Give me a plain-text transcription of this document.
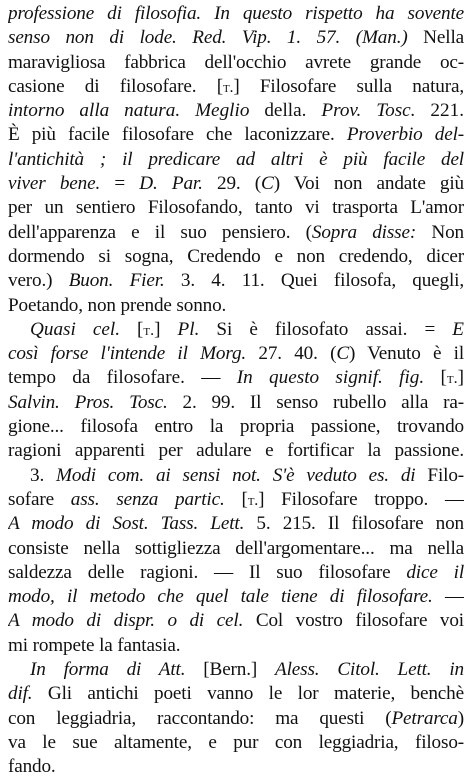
professione di filosofia. In questo rispetto ha sovente
senso non di lode. Red. Vip. 1. 57. (Man.) Nella
maravigliosa fabbrica dell'occhio avrete grande oc-
casione di filosofare. [t.] Filosofare sulla natura,
intorno alla natura. Meglio della. Prov. Tosc. 221.
È più facile filosofare che laconizzare. Proverbio del-
l'antichità ; il predicare ad altri è più facile del
viver bene. = D. Par. 29. (C) Voi non andate giù
per un sentiero Filosofando, tanto vi trasporta L'amor
dell'apparenza e il suo pensiero. (Sopra disse: Non
dormendo si sogna, Credendo e non credendo, dicer
vero.) Buon. Fier. 3. 4. 11. Quei filosofa, quegli,
Poetando, non prende sonno.
Quasi cel. [t.] Pl. Si è filosofato assai. = E
così forse l'intende il Morg. 27. 40. (C) Venuto è il
tempo da filosofare. — In questo signif. fig. [t.]
Salvin. Pros. Tosc. 2. 99. Il senso rubello alla ra-
gione... filosofa entro la propria passione, trovando
ragioni apparenti per adulare e fortificar la passione.
3. Modi com. ai sensi not. S'è veduto es. di Filo-
sofare ass. senza partic. [t.] Filosofare troppo. —
A modo di Sost. Tass. Lett. 5. 215. Il filosofare non
consiste nella sottigliezza dell'argomentare... ma nella
saldezza delle ragioni. — Il suo filosofare dice il
modo, il metodo che quel tale tiene di filosofare. —
A modo di dispr. o di cel. Col vostro filosofare voi
mi rompete la fantasia.
In forma di Att. [Bern.] Aless. Citol. Lett. in
dif. Gli antichi poeti vanno le lor materie, benchè
con leggiadria, raccontando: ma questi (Petrarca)
va le sue altamente, e pur con leggiadria, filoso-
fando.
